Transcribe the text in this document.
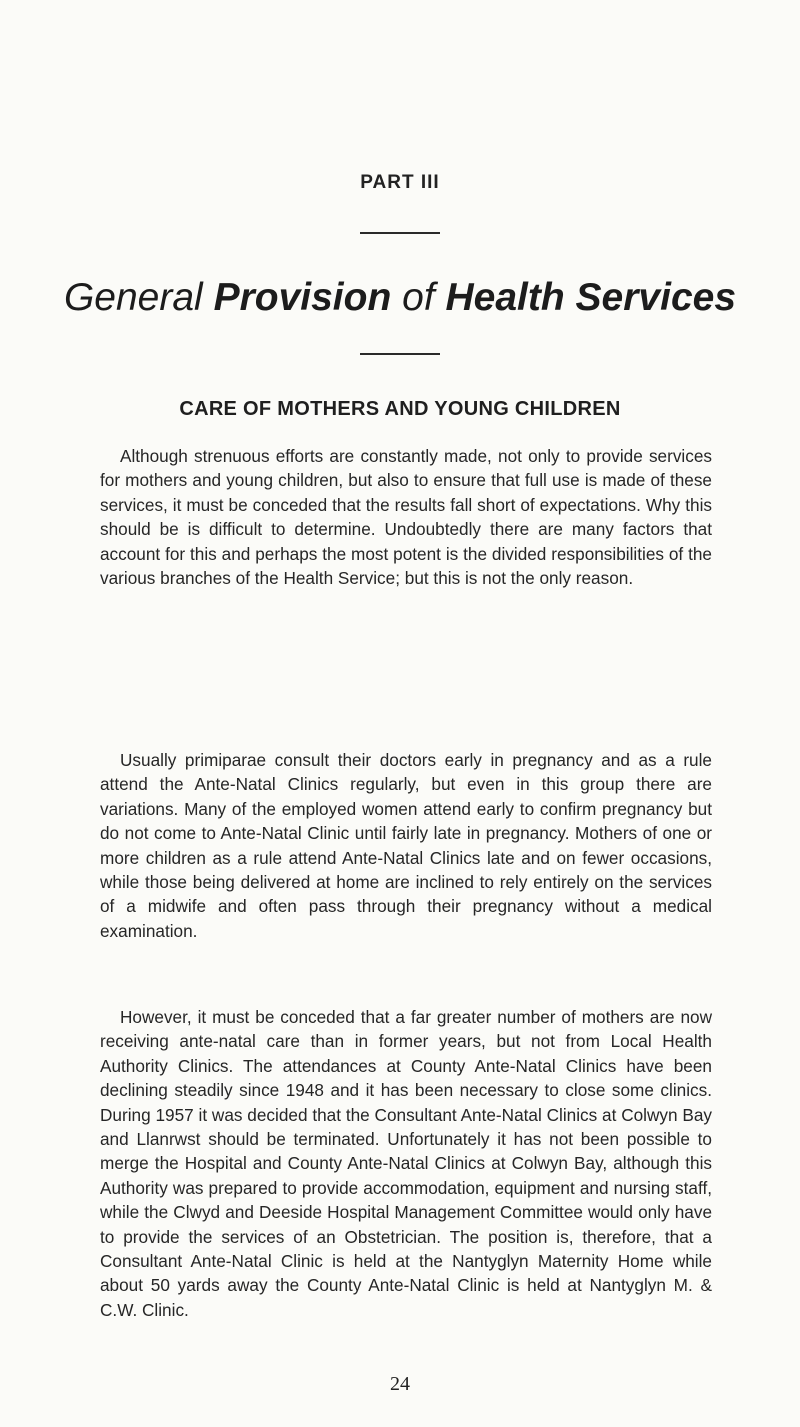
PART III
General Provision of Health Services
CARE OF MOTHERS AND YOUNG CHILDREN

Although strenuous efforts are constantly made, not only to provide services for mothers and young children, but also to ensure that full use is made of these services, it must be conceded that the results fall short of expectations. Why this should be is difficult to determine. Undoubtedly there are many factors that account for this and perhaps the most potent is the divided responsibilities of the various branches of the Health Service; but this is not the only reason.

Usually primiparae consult their doctors early in pregnancy and as a rule attend the Ante-Natal Clinics regularly, but even in this group there are variations. Many of the employed women attend early to confirm pregnancy but do not come to Ante-Natal Clinic until fairly late in pregnancy. Mothers of one or more children as a rule attend Ante-Natal Clinics late and on fewer occasions, while those being delivered at home are inclined to rely entirely on the services of a midwife and often pass through their pregnancy without a medical examination.

However, it must be conceded that a far greater number of mothers are now receiving ante-natal care than in former years, but not from Local Health Authority Clinics. The attendances at County Ante-Natal Clinics have been declining steadily since 1948 and it has been necessary to close some clinics. During 1957 it was decided that the Consultant Ante-Natal Clinics at Colwyn Bay and Llanrwst should be terminated. Unfortunately it has not been possible to merge the Hospital and County Ante-Natal Clinics at Colwyn Bay, although this Authority was prepared to provide accommodation, equipment and nursing staff, while the Clwyd and Deeside Hospital Management Committee would only have to provide the services of an Obstetrician. The position is, therefore, that a Consultant Ante-Natal Clinic is held at the Nantyglyn Maternity Home while about 50 yards away the County Ante-Natal Clinic is held at Nantyglyn M. & C.W. Clinic.

24
